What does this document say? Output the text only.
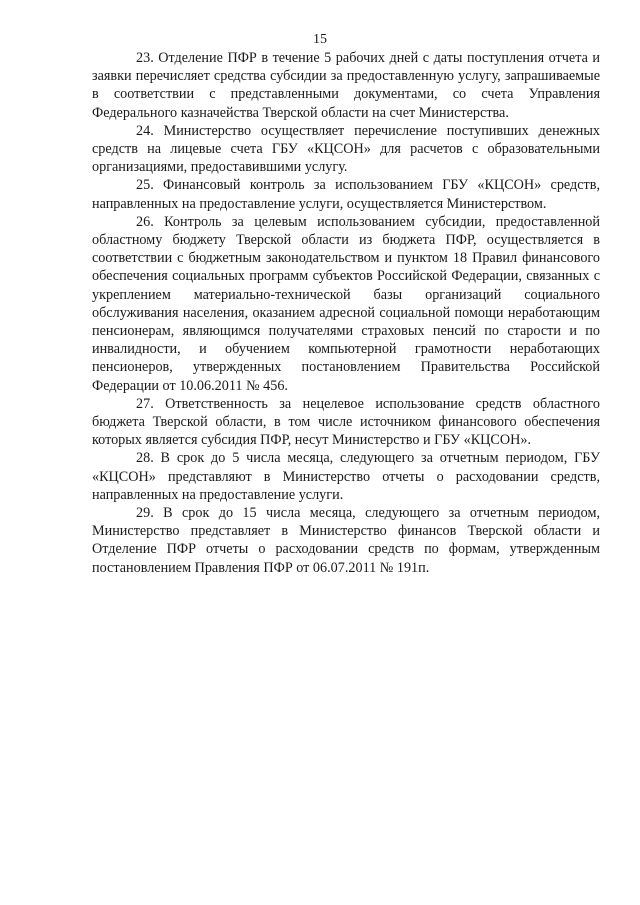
15

23. Отделение ПФР в течение 5 рабочих дней с даты поступления отчета и заявки перечисляет средства субсидии за предоставленную услугу, запрашиваемые в соответствии с представленными документами, со счета Управления Федерального казначейства Тверской области на счет Министерства.

24. Министерство осуществляет перечисление поступивших денежных средств на лицевые счета ГБУ «КЦСОН» для расчетов с образовательными организациями, предоставившими услугу.

25. Финансовый контроль за использованием ГБУ «КЦСОН» средств, направленных на предоставление услуги, осуществляется Министерством.

26. Контроль за целевым использованием субсидии, предоставленной областному бюджету Тверской области из бюджета ПФР, осуществляется в соответствии с бюджетным законодательством и пунктом 18 Правил финансового обеспечения социальных программ субъектов Российской Федерации, связанных с укреплением материально-технической базы организаций социального обслуживания населения, оказанием адресной социальной помощи неработающим пенсионерам, являющимся получателями страховых пенсий по старости и по инвалидности, и обучением компьютерной грамотности неработающих пенсионеров, утвержденных постановлением Правительства Российской Федерации от 10.06.2011 № 456.

27. Ответственность за нецелевое использование средств областного бюджета Тверской области, в том числе источником финансового обеспечения которых является субсидия ПФР, несут Министерство и ГБУ «КЦСОН».

28. В срок до 5 числа месяца, следующего за отчетным периодом, ГБУ «КЦСОН» представляют в Министерство отчеты о расходовании средств, направленных на предоставление услуги.

29. В срок до 15 числа месяца, следующего за отчетным периодом, Министерство представляет в Министерство финансов Тверской области и Отделение ПФР отчеты о расходовании средств по формам, утвержденным постановлением Правления ПФР от 06.07.2011 № 191п.
